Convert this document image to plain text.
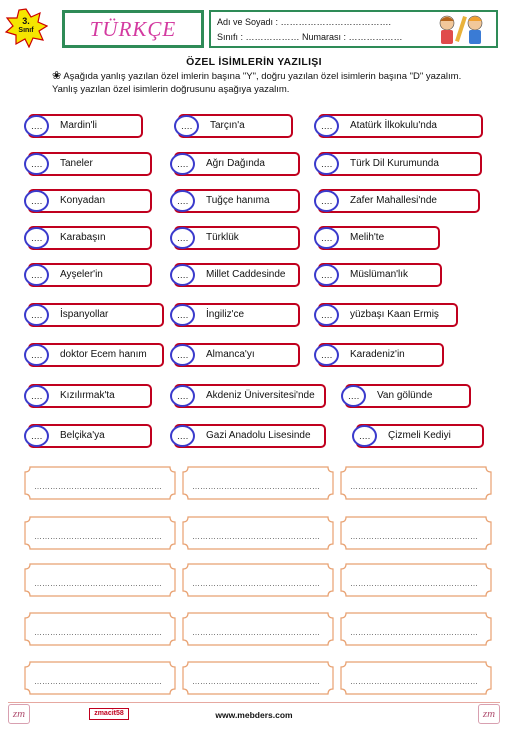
3.
Sınıf	TÜRKÇE	Adı ve Soyadı : ……………………………….
Sınıfı : ……………… Numarası : ………………
ÖZEL İSİMLERİN YAZILIŞI
❀ Aşağıda yanlış yazılan özel imlerin başına "Y", doğru yazılan özel isimlerin başına "D" yazalım. Yanlış yazılan özel isimlerin doğrusunu aşağıya yazalım.
….	Mardin'li	….	Tarçın'a	….	Atatürk İlkokulu'nda
….	Taneler	….	Ağrı Dağında	….	Türk Dil Kurumunda
….	Konyadan	….	Tuğçe hanıma	….	Zafer Mahallesi'nde
….	Karabaşın	….	Türklük	….	Melih'te
….	Ayşeler'in	….	Millet Caddesinde	….	Müslüman'lık
….	İspanyollar	….	İngiliz'ce	….	yüzbaşı Kaan Ermiş
….	doktor Ecem hanım	….	Almanca'yı	….	Karadeniz'in
….	Kızılırmak'ta	….	Akdeniz Üniversitesi'nde	….	Van gölünde
….	Belçika'ya	….	Gazi Anadolu Lisesinde	….	Çizmeli Kediyi
…………………………………………	…………………………………………	…………………………………………
…………………………………………	…………………………………………	…………………………………………
…………………………………………	…………………………………………	…………………………………………
…………………………………………	…………………………………………	…………………………………………
…………………………………………	…………………………………………	…………………………………………
zm	zm
zmacit58	www.mebders.com
